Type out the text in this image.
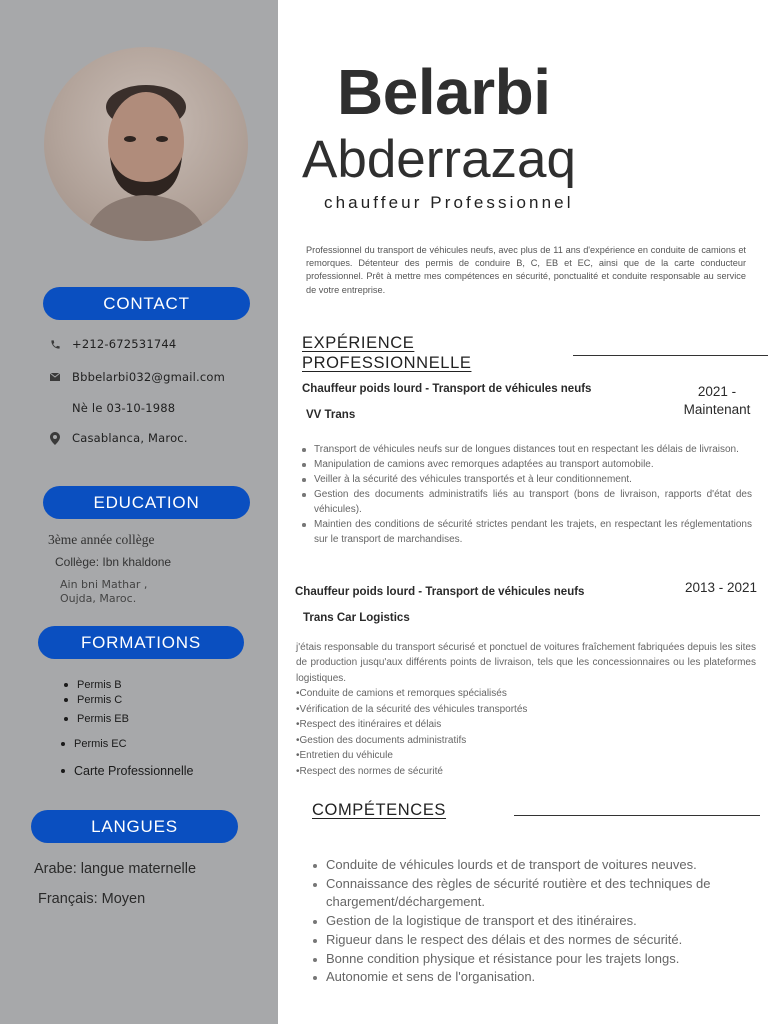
CONTACT
+212-672531744
Bbbelarbi032@gmail.com
Nè le 03-10-1988
Casablanca, Maroc.
EDUCATION
3ème année collège
Collège: Ibn khaldone
Ain bni Mathar ,
Oujda, Maroc.
FORMATIONS
Permis B
Permis C
Permis EB
Permis EC
Carte Professionnelle
LANGUES
Arabe: langue maternelle
Français: Moyen
Belarbi
Abderrazaq
chauffeur Professionnel
Professionnel du transport de véhicules neufs, avec plus de 11 ans d'expérience en conduite de camions et remorques. Détenteur des permis de conduire B, C, EB et EC, ainsi que de la carte conducteur professionnel. Prêt à mettre mes compétences en sécurité, ponctualité et conduite responsable au service de votre entreprise.
EXPÉRIENCE
PROFESSIONNELLE
Chauffeur poids lourd - Transport de véhicules neufs
VV Trans
2021 -
Maintenant
Transport de véhicules neufs sur de longues distances tout en respectant les délais de livraison.
Manipulation de camions avec remorques adaptées au transport automobile.
Veiller à la sécurité des véhicules transportés et à leur conditionnement.
Gestion des documents administratifs liés au transport (bons de livraison, rapports d'état des véhicules).
Maintien des conditions de sécurité strictes pendant les trajets, en respectant les réglementations sur le transport de marchandises.
Chauffeur poids lourd - Transport de véhicules neufs
Trans Car Logistics
2013 - 2021
j'étais responsable du transport sécurisé et ponctuel de voitures fraîchement fabriquées depuis les sites de production jusqu'aux différents points de livraison, tels que les concessionnaires ou les plateformes logistiques.
•Conduite de camions et remorques spécialisés
•Vérification de la sécurité des véhicules transportés
•Respect des itinéraires et délais
•Gestion des documents administratifs
•Entretien du véhicule
•Respect des normes de sécurité
COMPÉTENCES
Conduite de véhicules lourds et de transport de voitures neuves.
Connaissance des règles de sécurité routière et des techniques de chargement/déchargement.
Gestion de la logistique de transport et des itinéraires.
Rigueur dans le respect des délais et des normes de sécurité.
Bonne condition physique et résistance pour les trajets longs.
Autonomie et sens de l'organisation.
